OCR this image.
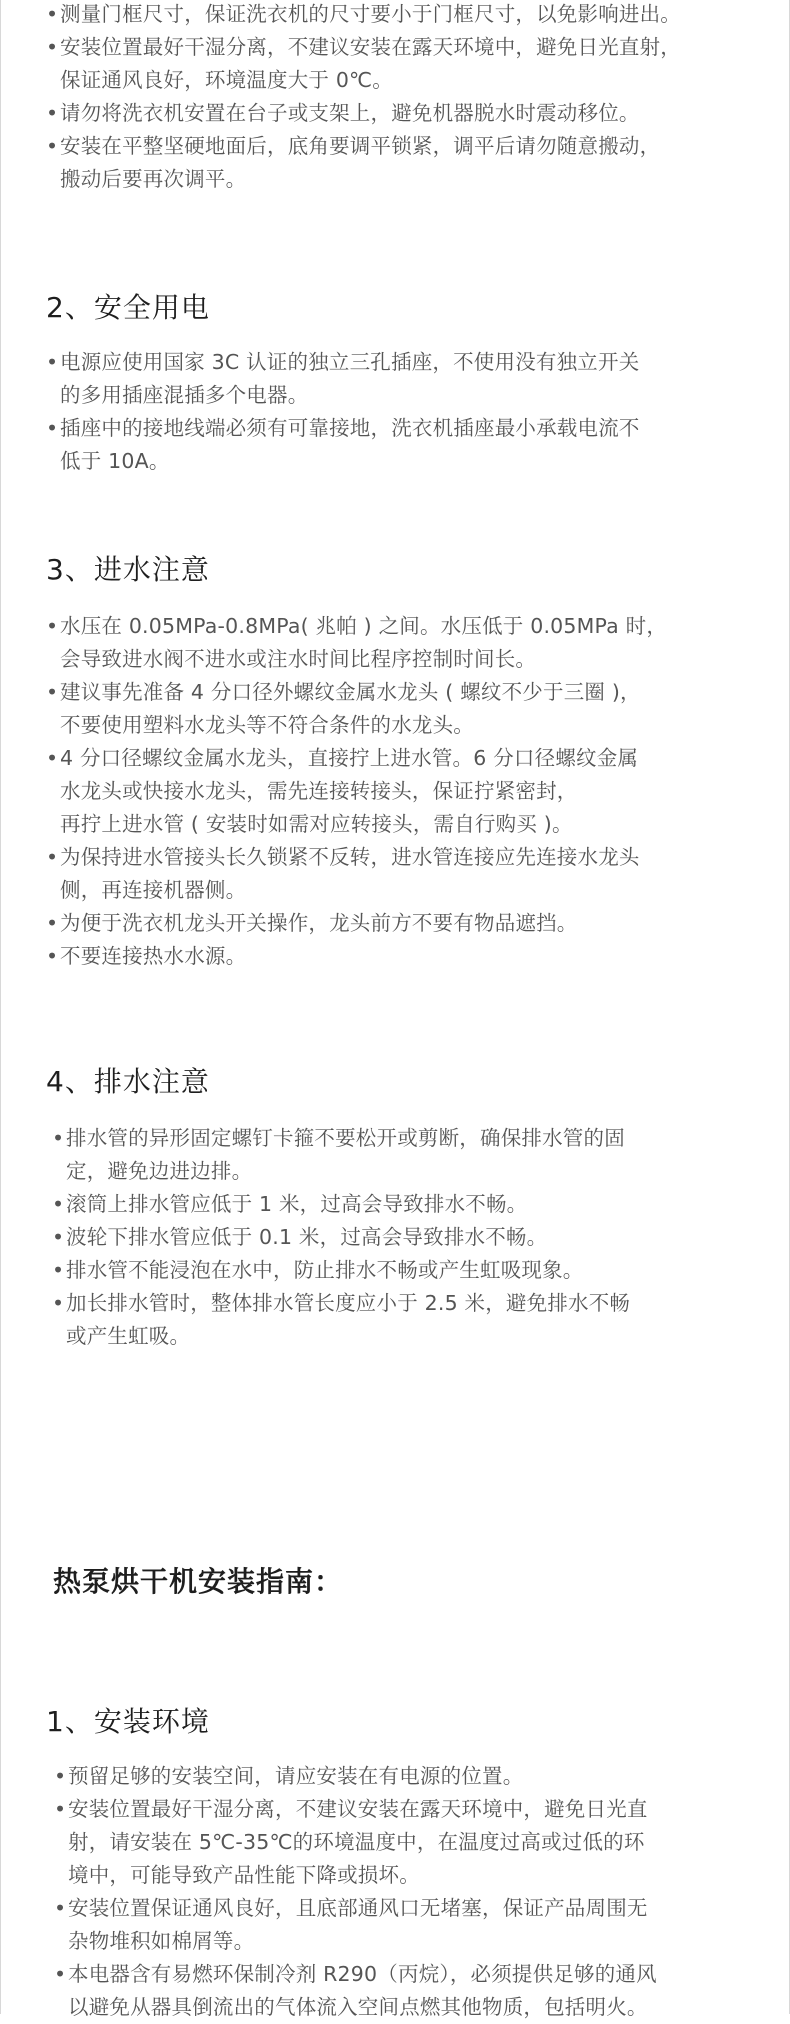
• 测量门框尺寸，保证洗衣机的尺寸要小于门框尺寸，以免影响进出。
• 安装位置最好干湿分离，不建议安装在露天环境中，避免日光直射，
保证通风良好，环境温度大于 0℃。
• 请勿将洗衣机安置在台子或支架上，避免机器脱水时震动移位。
• 安装在平整坚硬地面后，底角要调平锁紧，调平后请勿随意搬动，
搬动后要再次调平。
2、安全用电
• 电源应使用国家 3C 认证的独立三孔插座，不使用没有独立开关
的多用插座混插多个电器。
• 插座中的接地线端必须有可靠接地，洗衣机插座最小承载电流不
低于 10A。
3、进水注意
• 水压在 0.05MPa-0.8MPa( 兆帕 ) 之间。水压低于 0.05MPa 时，
会导致进水阀不进水或注水时间比程序控制时间长。
• 建议事先准备 4 分口径外螺纹金属水龙头 ( 螺纹不少于三圈 )，
不要使用塑料水龙头等不符合条件的水龙头。
• 4 分口径螺纹金属水龙头，直接拧上进水管。6 分口径螺纹金属
水龙头或快接水龙头，需先连接转接头，保证拧紧密封，
再拧上进水管 ( 安装时如需对应转接头，需自行购买 )。
• 为保持进水管接头长久锁紧不反转，进水管连接应先连接水龙头
侧，再连接机器侧。
• 为便于洗衣机龙头开关操作，龙头前方不要有物品遮挡。
• 不要连接热水水源。
4、排水注意
• 排水管的异形固定螺钉卡箍不要松开或剪断，确保排水管的固
定，避免边进边排。
• 滚筒上排水管应低于 1 米，过高会导致排水不畅。
• 波轮下排水管应低于 0.1 米，过高会导致排水不畅。
• 排水管不能浸泡在水中，防止排水不畅或产生虹吸现象。
• 加长排水管时，整体排水管长度应小于 2.5 米，避免排水不畅
或产生虹吸。
热泵烘干机安装指南：
1、安装环境
• 预留足够的安装空间，请应安装在有电源的位置。
• 安装位置最好干湿分离，不建议安装在露天环境中，避免日光直
射，请安装在 5℃-35℃的环境温度中，在温度过高或过低的环
境中，可能导致产品性能下降或损坏。
• 安装位置保证通风良好，且底部通风口无堵塞，保证产品周围无
杂物堆积如棉屑等。
• 本电器含有易燃环保制冷剂 R290（丙烷），必须提供足够的通风
以避免从器具倒流出的气体流入空间点燃其他物质，包括明火。
